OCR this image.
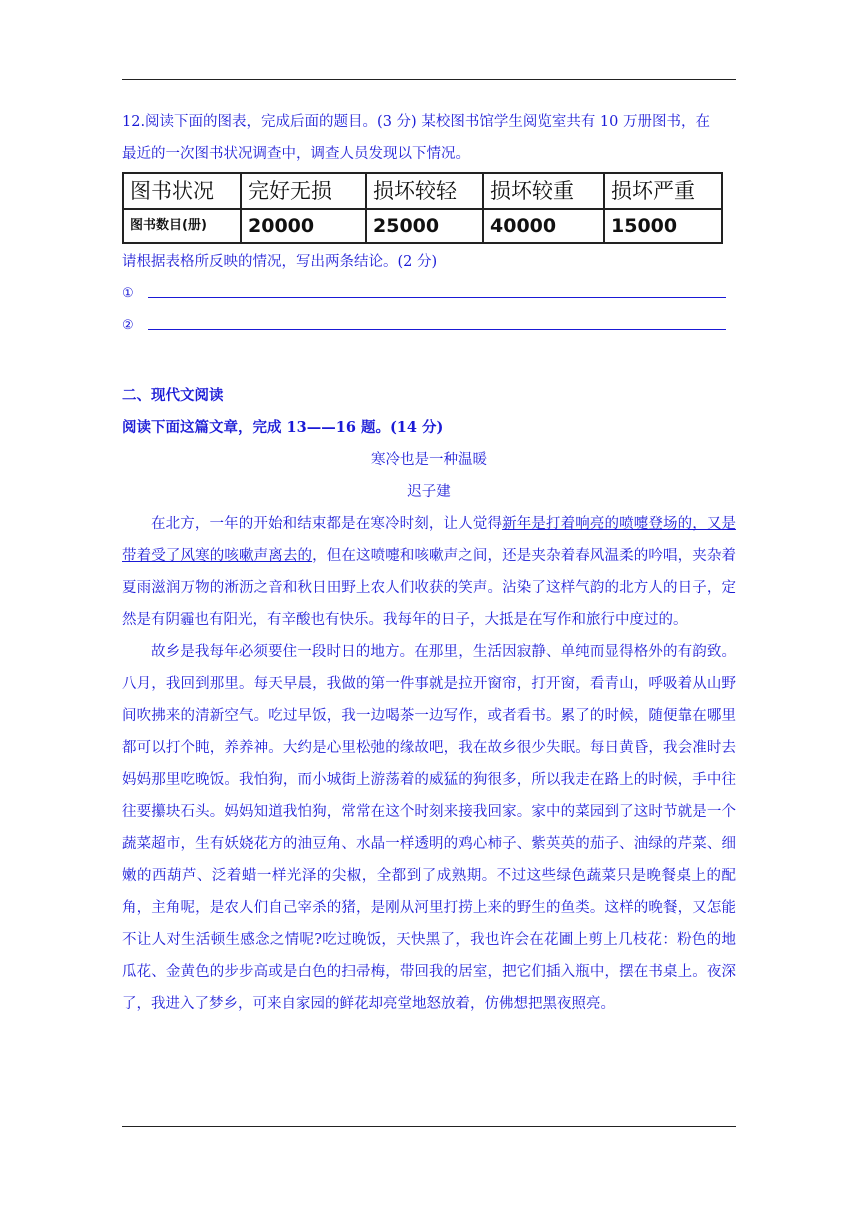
12.阅读下面的图表，完成后面的题目。(3 分) 某校图书馆学生阅览室共有 10 万册图书，在
最近的一次图书状况调查中，调查人员发现以下情况。

图书状况	完好无损	损坏较轻	损坏较重	损坏严重
图书数目(册)	20000	25000	40000	15000
请根据表格所反映的情况，写出两条结论。(2 分)
①
②
二、现代文阅读
阅读下面这篇文章，完成 13——16 题。(14 分)
寒冷也是一种温暖
迟子建

在北方，一年的开始和结束都是在寒冷时刻，让人觉得新年是打着响亮的喷嚏登场的，又是带着受了风寒的咳嗽声离去的，但在这喷嚏和咳嗽声之间，还是夹杂着春风温柔的吟唱，夹杂着夏雨滋润万物的淅沥之音和秋日田野上农人们收获的笑声。沾染了这样气韵的北方人的日子，定然是有阴霾也有阳光，有辛酸也有快乐。我每年的日子，大抵是在写作和旅行中度过的。

故乡是我每年必须要住一段时日的地方。在那里，生活因寂静、单纯而显得格外的有韵致。八月，我回到那里。每天早晨，我做的第一件事就是拉开窗帘，打开窗，看青山，呼吸着从山野间吹拂来的清新空气。吃过早饭，我一边喝茶一边写作，或者看书。累了的时候，随便靠在哪里都可以打个盹，养养神。大约是心里松弛的缘故吧，我在故乡很少失眠。每日黄昏，我会准时去妈妈那里吃晚饭。我怕狗，而小城街上游荡着的威猛的狗很多，所以我走在路上的时候，手中往往要攥块石头。妈妈知道我怕狗，常常在这个时刻来接我回家。家中的菜园到了这时节就是一个蔬菜超市，生有妖娆花方的油豆角、水晶一样透明的鸡心柿子、紫英英的茄子、油绿的芹菜、细嫩的西葫芦、泛着蜡一样光泽的尖椒，全都到了成熟期。不过这些绿色蔬菜只是晚餐桌上的配角，主角呢，是农人们自己宰杀的猪，是刚从河里打捞上来的野生的鱼类。这样的晚餐，又怎能不让人对生活顿生感念之情呢?吃过晚饭，天快黑了，我也许会在花圃上剪上几枝花：粉色的地瓜花、金黄色的步步高或是白色的扫帚梅，带回我的居室，把它们插入瓶中，摆在书桌上。夜深了，我进入了梦乡，可来自家园的鲜花却亮堂地怒放着，仿佛想把黑夜照亮。
